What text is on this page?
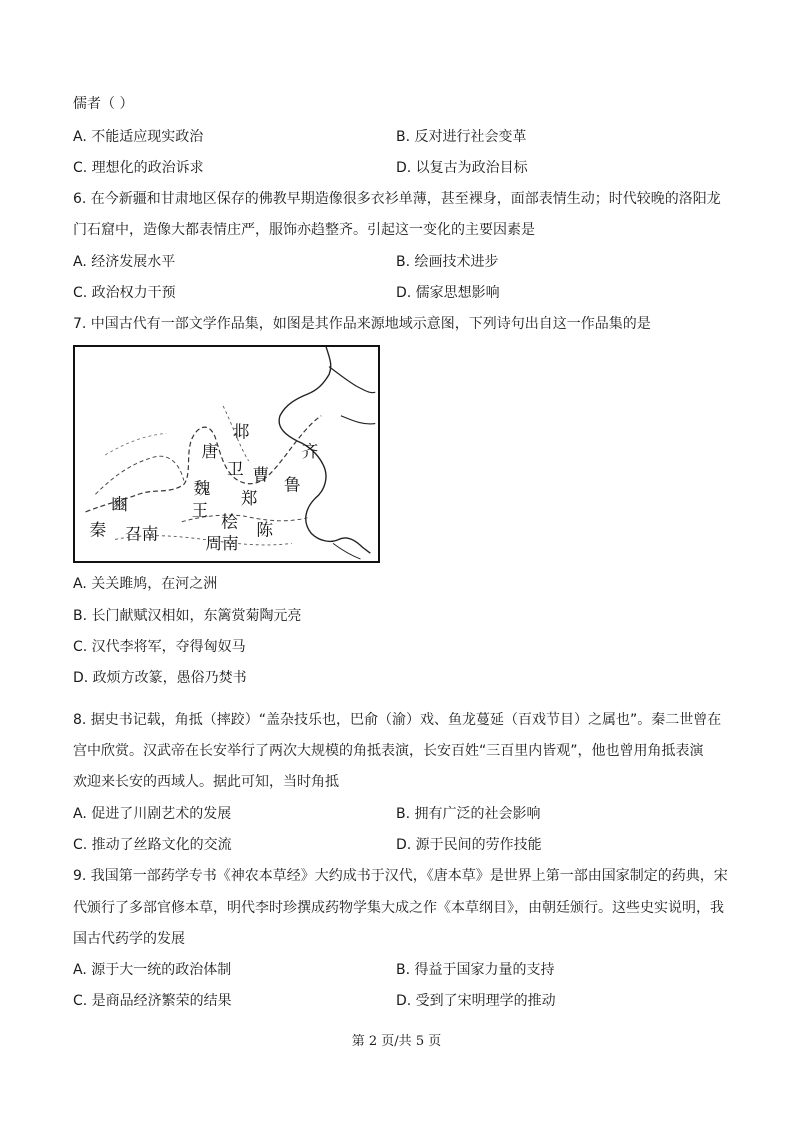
儒者（ ）
A. 不能适应现实政治	B. 反对进行社会变革
C. 理想化的政治诉求	D. 以复古为政治目标
6. 在今新疆和甘肃地区保存的佛教早期造像很多衣衫单薄，甚至裸身，面部表情生动；时代较晚的洛阳龙
门石窟中，造像大都表情庄严，服饰亦趋整齐。引起这一变化的主要因素是
A. 经济发展水平	B. 绘画技术进步
C. 政治权力干预	D. 儒家思想影响
7. 中国古代有一部文学作品集，如图是其作品来源地域示意图，下列诗句出自这一作品集的是
邶
齐
唐
卫 曹
鲁
魏
郑
豳	王
桧 陈
秦 召南
周南
A. 关关雎鸠，在河之洲
B. 长门献赋汉相如，东篱赏菊陶元亮
C. 汉代李将军，夺得匈奴马
D. 政烦方改篆，愚俗乃焚书
8. 据史书记载，角抵（摔跤）“盖杂技乐也，巴俞（渝）戏、鱼龙蔓延（百戏节目）之属也”。秦二世曾在
宫中欣赏。汉武帝在长安举行了两次大规模的角抵表演，长安百姓“三百里内皆观”，他也曾用角抵表演
欢迎来长安的西域人。据此可知，当时角抵
A. 促进了川剧艺术的发展	B. 拥有广泛的社会影响
C. 推动了丝路文化的交流	D. 源于民间的劳作技能
9. 我国第一部药学专书《神农本草经》大约成书于汉代，《唐本草》是世界上第一部由国家制定的药典，宋
代颁行了多部官修本草，明代李时珍撰成药物学集大成之作《本草纲目》，由朝廷颁行。这些史实说明，我
国古代药学的发展
A. 源于大一统的政治体制	B. 得益于国家力量的支持
C. 是商品经济繁荣的结果	D. 受到了宋明理学的推动
第 2 页/共 5 页
